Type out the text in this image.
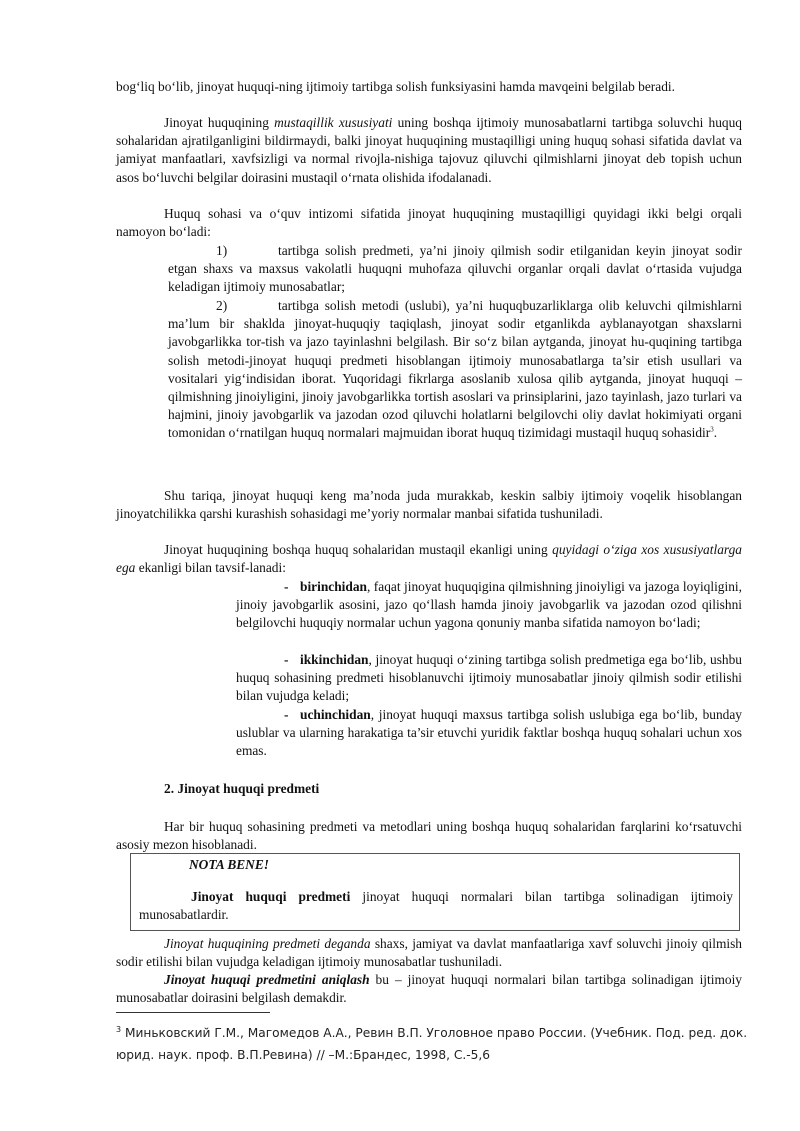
bog‘liq bo‘lib, jinoyat huquqi-ning ijtimoiy tartibga solish funksiyasini hamda mavqeini belgilab beradi.

Jinoyat huquqining mustaqillik xususiyati uning boshqa ijtimoiy munosabatlarni tartibga soluvchi huquq sohalaridan ajratilganligini bildirmaydi, balki jinoyat huquqining mustaqilligi uning huquq sohasi sifatida davlat va jamiyat manfaatlari, xavfsizligi va normal rivojla-nishiga tajovuz qiluvchi qilmishlarni jinoyat deb topish uchun asos bo‘luvchi belgilar doirasini mustaqil o‘rnata olishida ifodalanadi.

Huquq sohasi va o‘quv intizomi sifatida jinoyat huquqining mustaqilligi quyidagi ikki belgi orqali namoyon bo‘ladi:

1)	tartibga solish predmeti, ya’ni jinoiy qilmish sodir etilganidan keyin jinoyat sodir etgan shaxs va maxsus vakolatli huquqni muhofaza qiluvchi organlar orqali davlat o‘rtasida vujudga keladigan ijtimoiy munosabatlar;
2)	tartibga solish metodi (uslubi), ya’ni huquqbuzarliklarga olib keluvchi qilmishlarni ma’lum bir shaklda jinoyat-huquqiy taqiqlash, jinoyat sodir etganlikda ayblanayotgan shaxslarni javobgarlikka tor-tish va jazo tayinlashni belgilash. Bir so‘z bilan aytganda, jinoyat hu-quqining tartibga solish metodi-jinoyat huquqi predmeti hisoblangan ijtimoiy munosabatlarga ta’sir etish usullari va vositalari yig‘indisidan iborat. Yuqoridagi fikrlarga asoslanib xulosa qilib aytganda, jinoyat huquqi – qilmishning jinoiyligini, jinoiy javobgarlikka tortish asoslari va prinsiplarini, jazo tayinlash, jazo turlari va hajmini, jinoiy javobgarlik va jazodan ozod qiluvchi holatlarni belgilovchi oliy davlat hokimiyati organi tomonidan o‘rnatilgan huquq normalari majmuidan iborat huquq tizimidagi mustaqil huquq sohasidir$^3$.

Shu tariqa, jinoyat huquqi keng ma’noda juda murakkab, keskin salbiy ijtimoiy voqelik hisoblangan jinoyatchilikka qarshi kurashish sohasidagi me’yoriy normalar manbai sifatida tushuniladi.

Jinoyat huquqining boshqa huquq sohalaridan mustaqil ekanligi uning quyidagi o‘ziga xos xususiyatlarga ega ekanligi bilan tavsif-lanadi:

- birinchidan, faqat jinoyat huquqigina qilmishning jinoiyligi va jazoga loyiqligini, jinoiy javobgarlik asosini, jazo qo‘llash hamda jinoiy javobgarlik va jazodan ozod qilishni belgilovchi huquqiy normalar uchun yagona qonuniy manba sifatida namoyon bo‘ladi;
- ikkinchidan, jinoyat huquqi o‘zining tartibga solish predmetiga ega bo‘lib, ushbu huquq sohasining predmeti hisoblanuvchi ijtimoiy munosabatlar jinoiy qilmish sodir etilishi bilan vujudga keladi;
- uchinchidan, jinoyat huquqi maxsus tartibga solish uslubiga ega bo‘lib, bunday uslublar va ularning harakatiga ta’sir etuvchi yuridik faktlar boshqa huquq sohalari uchun xos emas.

2. Jinoyat huquqi predmeti

Har bir huquq sohasining predmeti va metodlari uning boshqa huquq sohalaridan farqlarini ko‘rsatuvchi asosiy mezon hisoblanadi.

NOTA BENE!
Jinoyat huquqi predmeti jinoyat huquqi normalari bilan tartibga solinadigan ijtimoiy munosabatlardir.

Jinoyat huquqining predmeti deganda shaxs, jamiyat va davlat manfaatlariga xavf soluvchi jinoiy qilmish sodir etilishi bilan vujudga keladigan ijtimoiy munosabatlar tushuniladi.

Jinoyat huquqi predmetini aniqlash bu – jinoyat huquqi normalari bilan tartibga solinadigan ijtimoiy munosabatlar doirasini belgilash demakdir.

$^3$ Миньковский Г.М., Магомедов А.А., Ревин В.П. Уголовное право России. (Учебник. Под. ред. док. юрид. наук. проф. В.П.Ревина) // –М.:Брандес, 1998, С.-5,6
